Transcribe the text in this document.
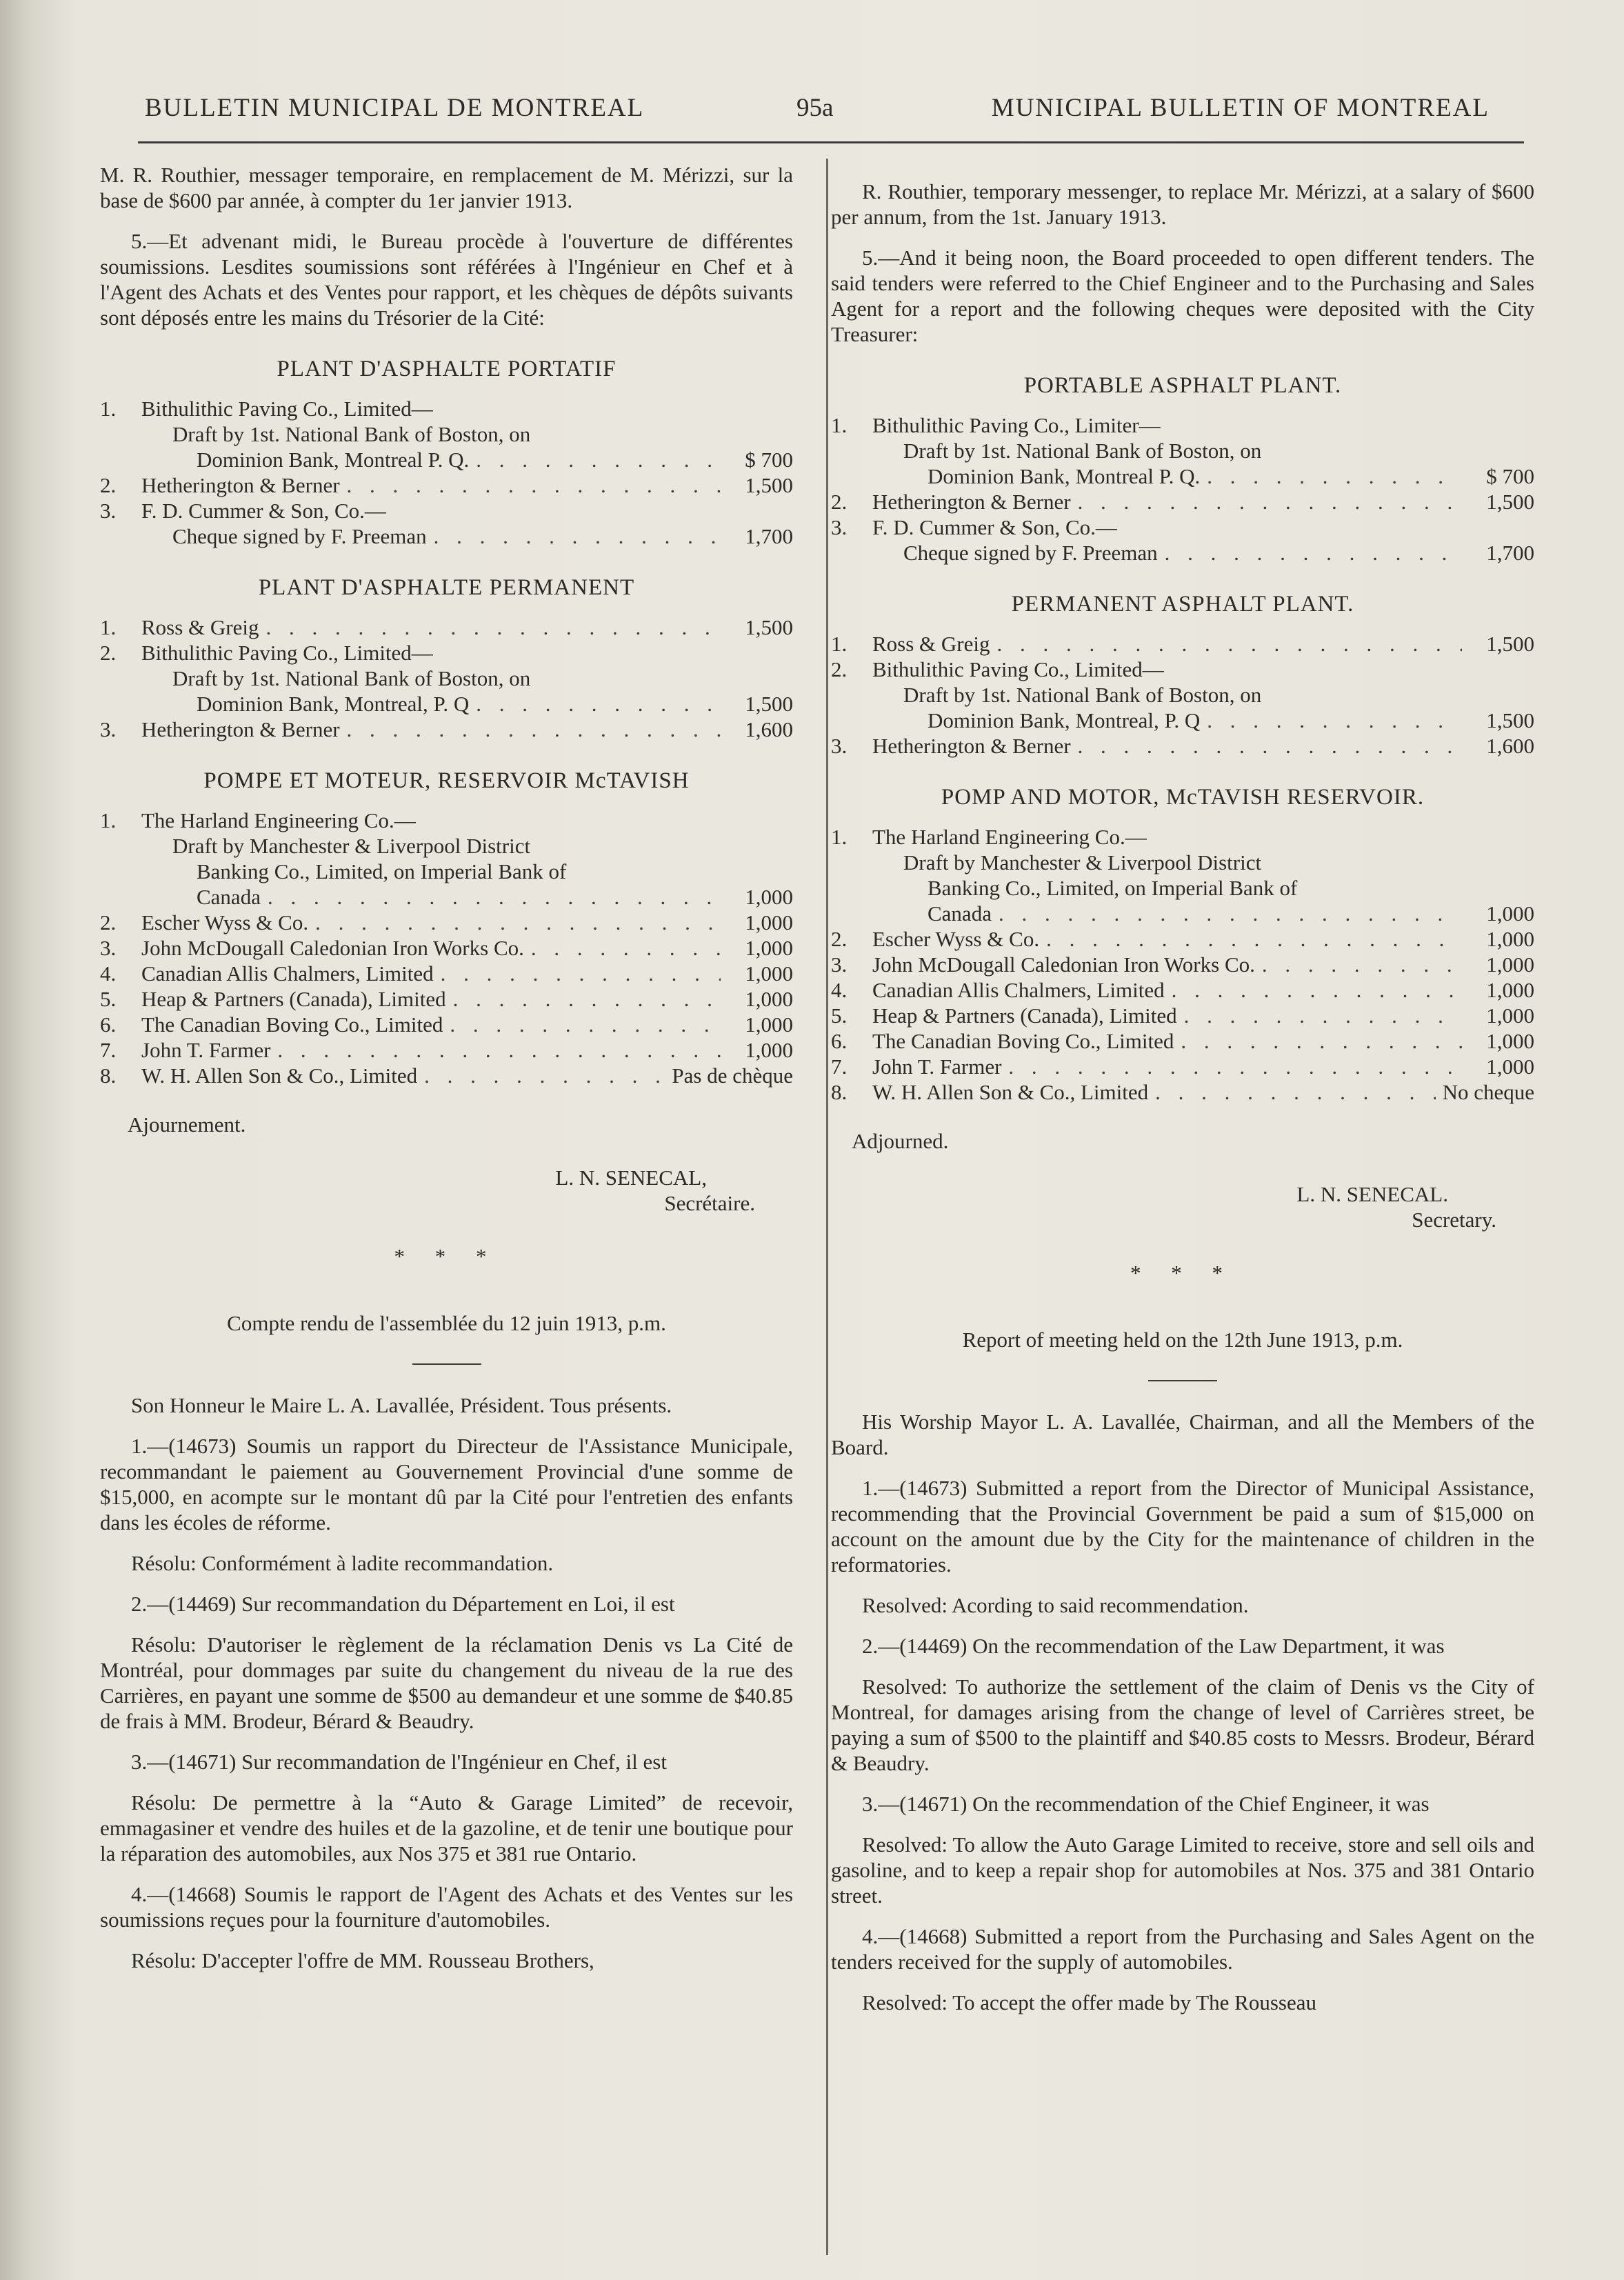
BULLETIN MUNICIPAL DE MONTREAL	95a	MUNICIPAL BULLETIN OF MONTREAL

M. R. Routhier, messager temporaire, en remplacement de M. Mérizzi, sur la base de $600 par année, à compter du 1er janvier 1913.

5.—Et advenant midi, le Bureau procède à l'ouverture de différentes soumissions. Lesdites soumissions sont référées à l'Ingénieur en Chef et à l'Agent des Achats et des Ventes pour rapport, et les chèques de dépôts suivants sont déposés entre les mains du Trésorier de la Cité:

PLANT D'ASPHALTE PORTATIF
1. Bithulithic Paving Co., Limited—
Draft by 1st. National Bank of Boston, on
Dominion Bank, Montreal P. Q. . . .	$ 700
2. Hetherington & Berner . . .	1,500
3. F. D. Cummer & Son, Co.—
Cheque signed by F. Preeman . . .	1,700
PLANT D'ASPHALTE PERMANENT
1. Ross & Greig . . .	1,500
2. Bithulithic Paving Co., Limited—
Draft by 1st. National Bank of Boston, on
Dominion Bank, Montreal, P. Q . . .	1,500
3. Hetherington & Berner . . .	1,600
POMPE ET MOTEUR, RESERVOIR McTAVISH
1. The Harland Engineering Co.—
Draft by Manchester & Liverpool District
Banking Co., Limited, on Imperial Bank of
Canada . . .	1,000
2. Escher Wyss & Co. . . .	1,000
3. John McDougall Caledonian Iron Works Co. . . .	1,000
4. Canadian Allis Chalmers, Limited . . .	1,000
5. Heap & Partners (Canada), Limited . . .	1,000
6. The Canadian Boving Co., Limited . . .	1,000
7. John T. Farmer . . .	1,000
8. W. H. Allen Son & Co., Limited . . .	Pas de chèque

Ajournement.

L. N. SENECAL,
Secrétaire.
* * *

Compte rendu de l'assemblée du 12 juin 1913, p.m.

Son Honneur le Maire L. A. Lavallée, Président. Tous présents.

1.—(14673) Soumis un rapport du Directeur de l'Assistance Municipale, recommandant le paiement au Gouvernement Provincial d'une somme de $15,000, en acompte sur le montant dû par la Cité pour l'entretien des enfants dans les écoles de réforme.

Résolu: Conformément à ladite recommandation.

2.—(14469) Sur recommandation du Département en Loi, il est

Résolu: D'autoriser le règlement de la réclamation Denis vs La Cité de Montréal, pour dommages par suite du changement du niveau de la rue des Carrières, en payant une somme de $500 au demandeur et une somme de $40.85 de frais à MM. Brodeur, Bérard & Beaudry.

3.—(14671) Sur recommandation de l'Ingénieur en Chef, il est

Résolu: De permettre à la “Auto & Garage Limited” de recevoir, emmagasiner et vendre des huiles et de la gazoline, et de tenir une boutique pour la réparation des automobiles, aux Nos 375 et 381 rue Ontario.

4.—(14668) Soumis le rapport de l'Agent des Achats et des Ventes sur les soumissions reçues pour la fourniture d'automobiles.

Résolu: D'accepter l'offre de MM. Rousseau Brothers,

R. Routhier, temporary messenger, to replace Mr. Mérizzi, at a salary of $600 per annum, from the 1st. January 1913.

5.—And it being noon, the Board proceeded to open different tenders. The said tenders were referred to the Chief Engineer and to the Purchasing and Sales Agent for a report and the following cheques were deposited with the City Treasurer:

PORTABLE ASPHALT PLANT.
1. Bithulithic Paving Co., Limiter—
Draft by 1st. National Bank of Boston, on
Dominion Bank, Montreal P. Q. . . .	$ 700
2. Hetherington & Berner . . .	1,500
3. F. D. Cummer & Son, Co.—
Cheque signed by F. Preeman . . .	1,700
PERMANENT ASPHALT PLANT.
1. Ross & Greig . . .	1,500
2. Bithulithic Paving Co., Limited—
Draft by 1st. National Bank of Boston, on
Dominion Bank, Montreal, P. Q . . .	1,500
3. Hetherington & Berner . . .	1,600
POMP AND MOTOR, McTAVISH RESERVOIR.
1. The Harland Engineering Co.—
Draft by Manchester & Liverpool District
Banking Co., Limited, on Imperial Bank of
Canada . . .	1,000
2. Escher Wyss & Co. . . .	1,000
3. John McDougall Caledonian Iron Works Co. . . .	1,000
4. Canadian Allis Chalmers, Limited . . .	1,000
5. Heap & Partners (Canada), Limited . . .	1,000
6. The Canadian Boving Co., Limited . . .	1,000
7. John T. Farmer . . .	1,000
8. W. H. Allen Son & Co., Limited . . .	No cheque

Adjourned.

L. N. SENECAL.
Secretary.
* * *

Report of meeting held on the 12th June 1913, p.m.

His Worship Mayor L. A. Lavallée, Chairman, and all the Members of the Board.

1.—(14673) Submitted a report from the Director of Municipal Assistance, recommending that the Provincial Government be paid a sum of $15,000 on account on the amount due by the City for the maintenance of children in the reformatories.

Resolved: Acording to said recommendation.

2.—(14469) On the recommendation of the Law Department, it was

Resolved: To authorize the settlement of the claim of Denis vs the City of Montreal, for damages arising from the change of level of Carrières street, be paying a sum of $500 to the plaintiff and $40.85 costs to Messrs. Brodeur, Bérard & Beaudry.

3.—(14671) On the recommendation of the Chief Engineer, it was

Resolved: To allow the Auto Garage Limited to receive, store and sell oils and gasoline, and to keep a repair shop for automobiles at Nos. 375 and 381 Ontario street.

4.—(14668) Submitted a report from the Purchasing and Sales Agent on the tenders received for the supply of automobiles.

Resolved: To accept the offer made by The Rousseau
